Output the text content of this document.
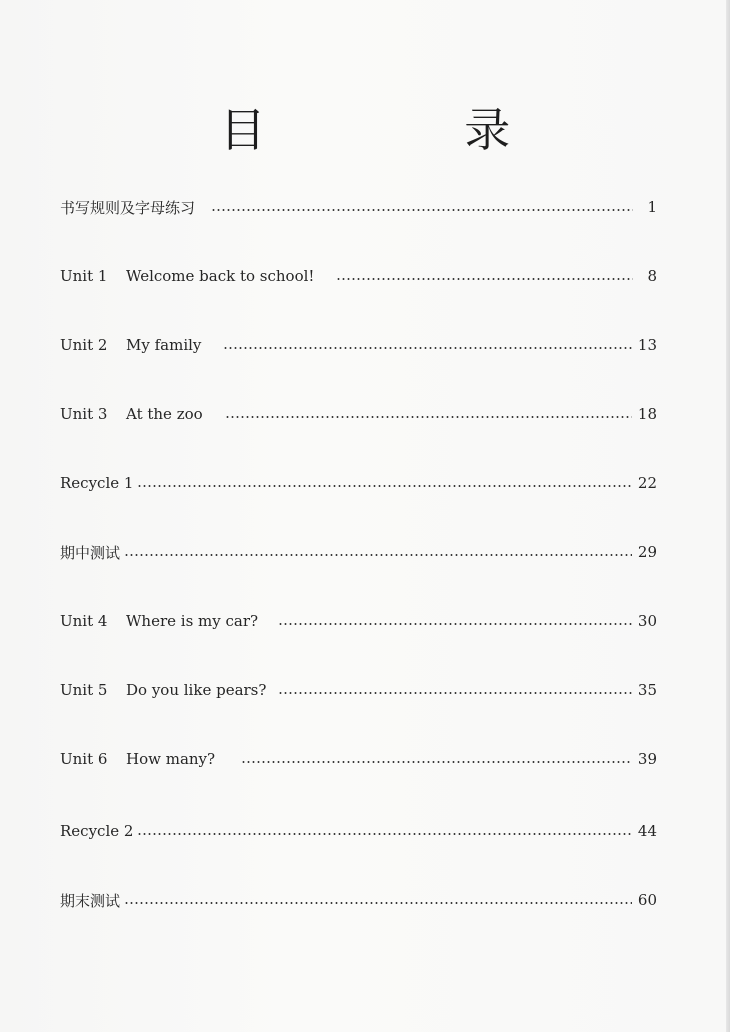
目 录
书写规则及字母练习	1
Unit 1	Welcome back to school!	8
Unit 2	My family	13
Unit 3	At the zoo	18
Recycle 1	22
期中测试	29
Unit 4	Where is my car?	30
Unit 5	Do you like pears?	35
Unit 6	How many?	39
Recycle 2	44
期末测试	60
